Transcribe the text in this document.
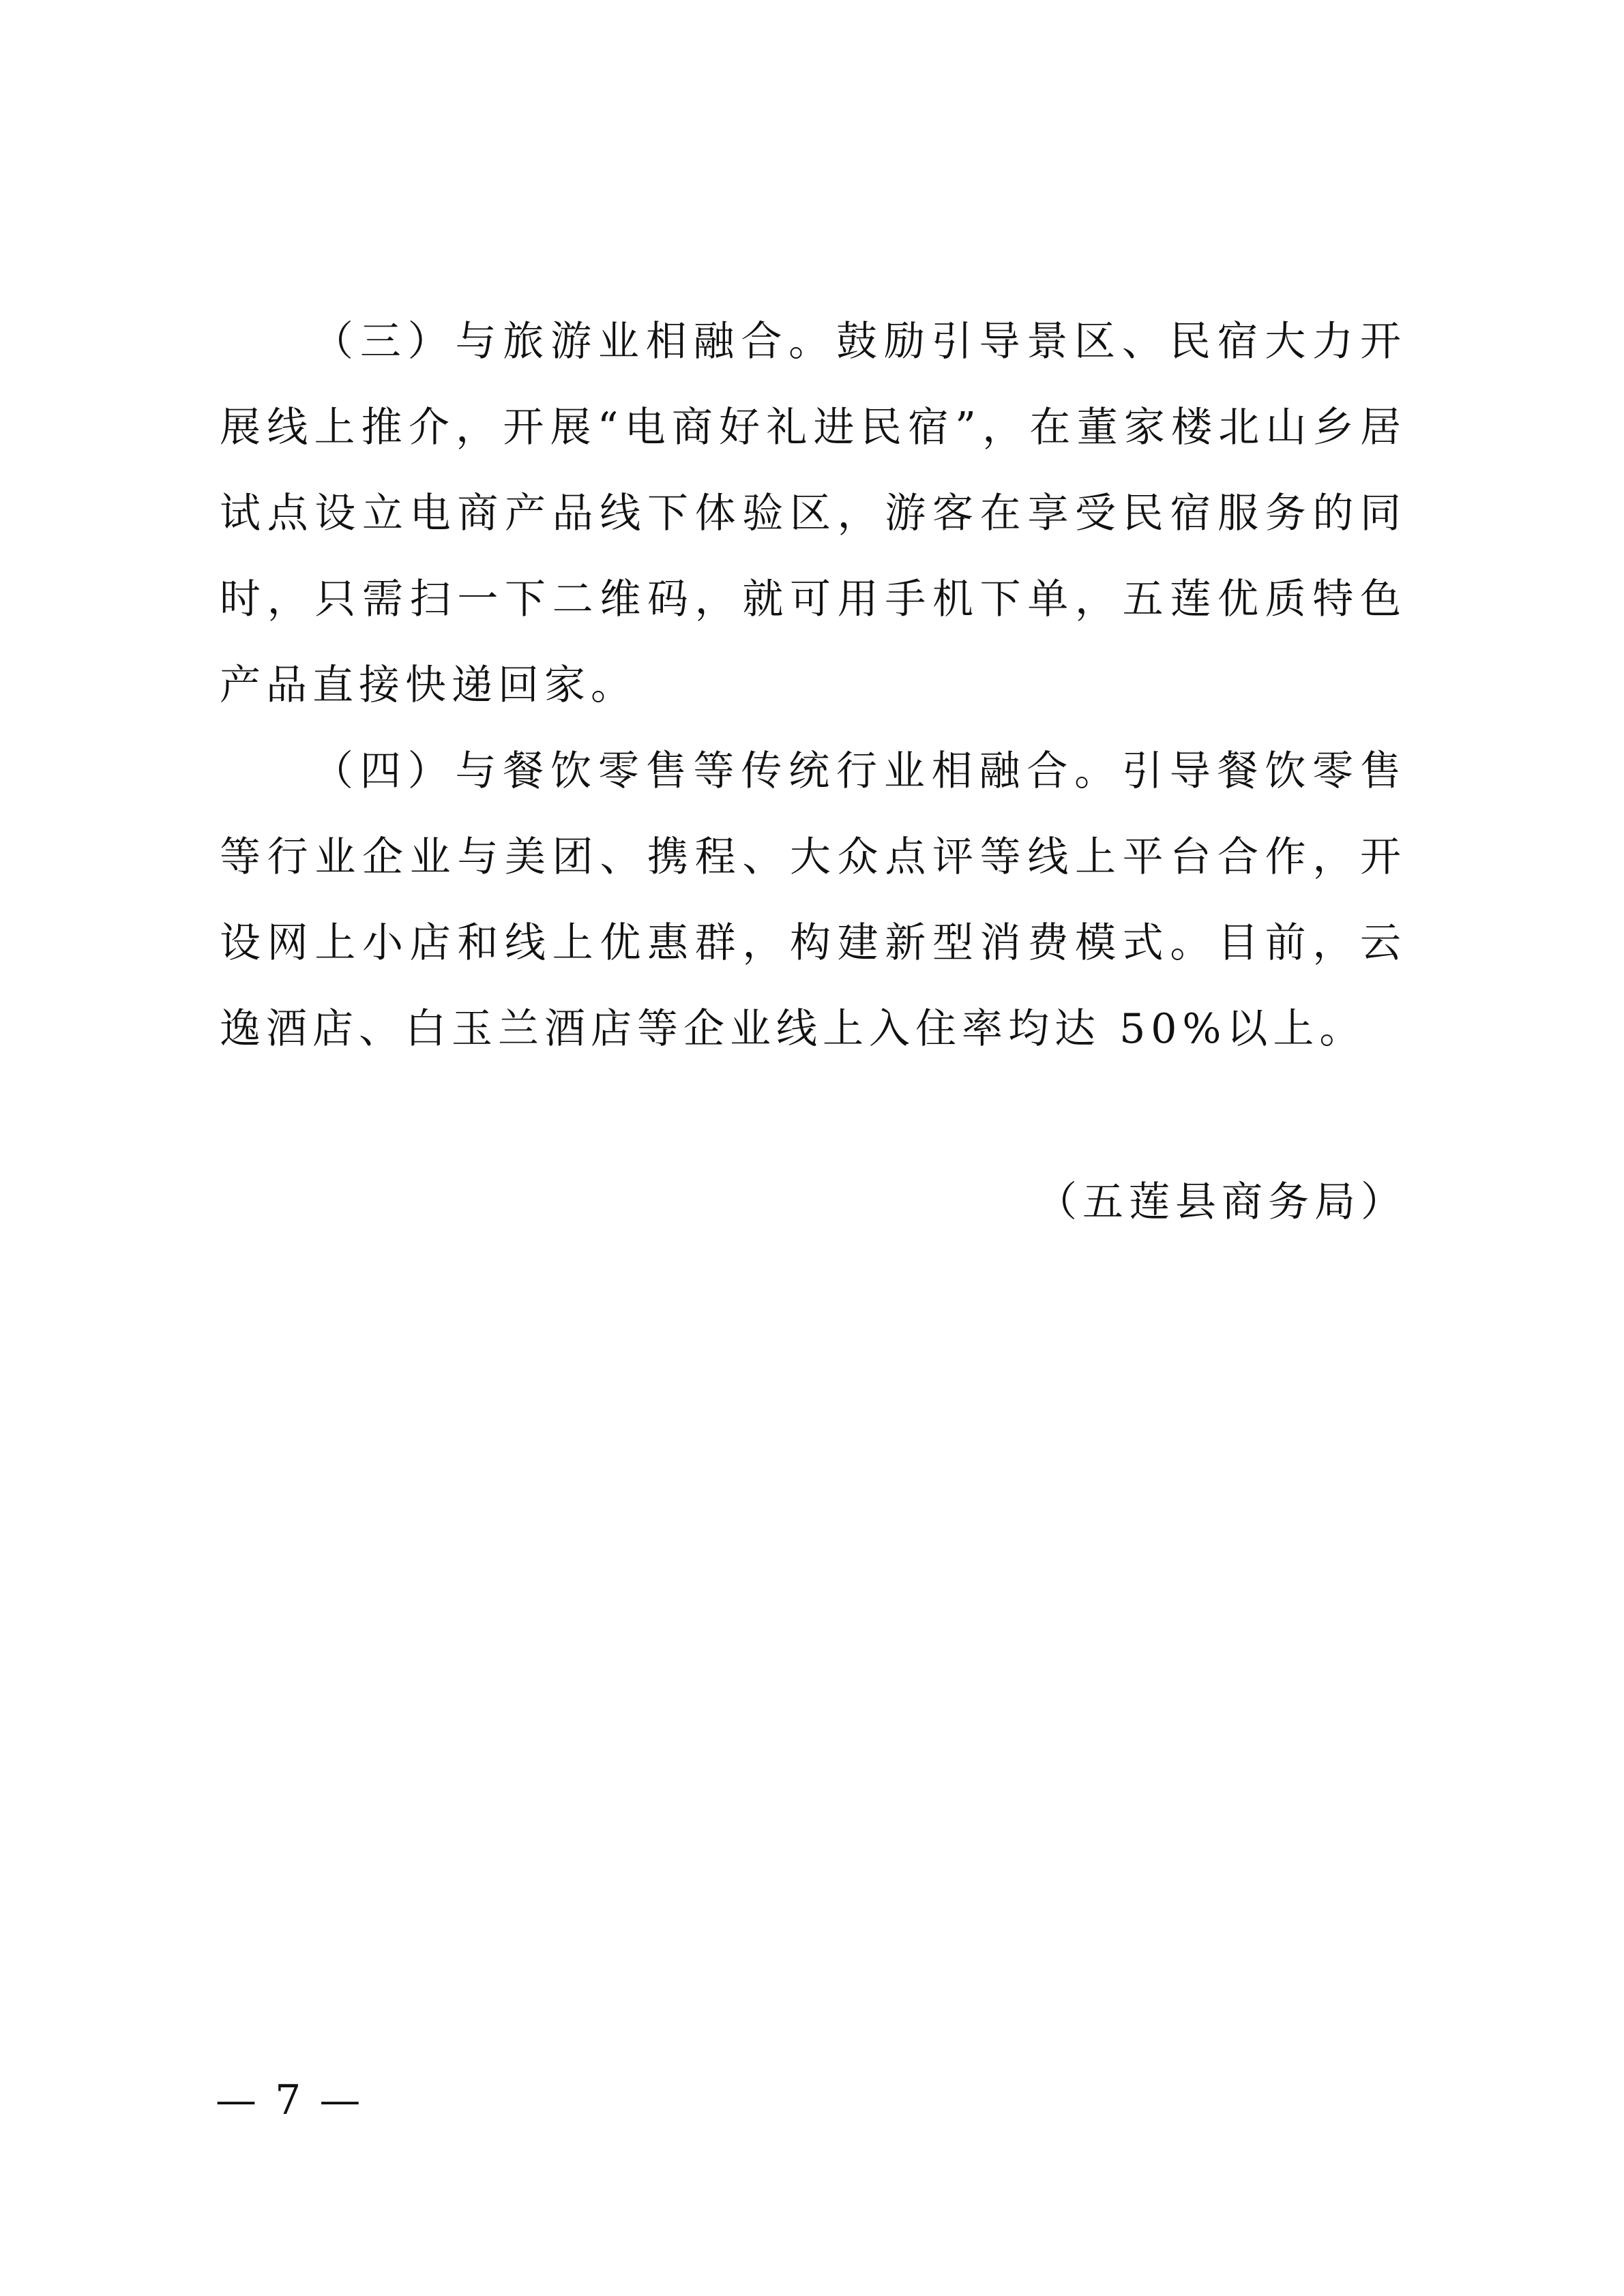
（三）与旅游业相融合。鼓励引导景区、民宿大力开展线上推介，开展“电商好礼进民宿”，在董家楼北山乡居试点设立电商产品线下体验区，游客在享受民宿服务的同时，只需扫一下二维码，就可用手机下单，五莲优质特色产品直接快递回家。

（四）与餐饮零售等传统行业相融合。引导餐饮零售等行业企业与美团、携程、大众点评等线上平台合作，开设网上小店和线上优惠群，构建新型消费模式。目前，云逸酒店、白玉兰酒店等企业线上入住率均达 50%以上。

（五莲县商务局）
— 7 —
